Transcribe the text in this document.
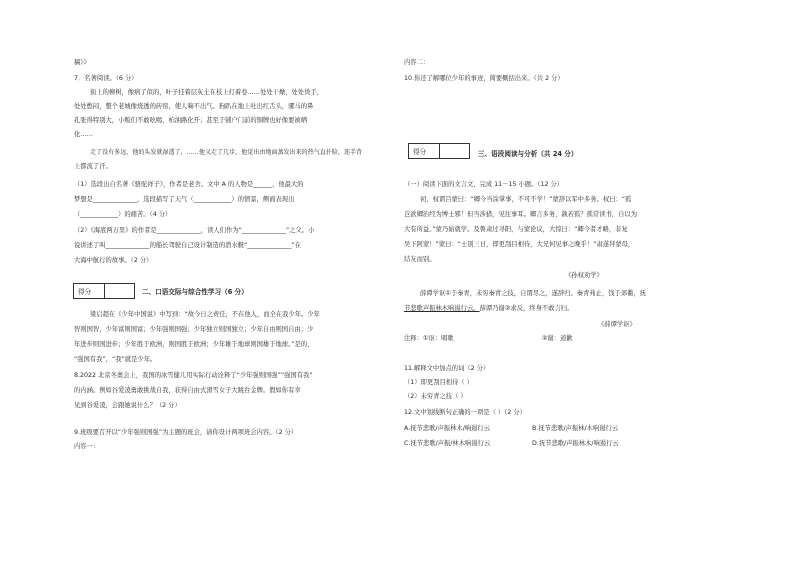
稿》》
7．名著阅读。（6 分）
街上的柳树，像病了似的，叶子挂着层灰土在枝上打着卷……处处干燥，处处烫手，
处处憋闷，整个老城像烧透的砖窑，使人喘不出气。狗趴在地上吐出红舌头，骡马的鼻
孔张得特别大，小贩们不敢吆喝，柏油路化开；甚至于铺户门前的铜牌也好像要被晒
化……
走了没有多远，他的头发就湿透了，……他又走了几步，他觉出由地面蒸发出来的热气直扑脸，连手背
上都流了汗。
（1）选段出自名著《骆驼祥子》，作者是老舍。文中 A 的人物是______，他最大的
梦想是______________，选段描写了天气（____________）的情景，侧面表现出
（____________）的痛苦。（4 分）
（2）《海底两万里》的作者是______________，读人们作为“______________”之父。小
说讲述了叫______________的船长驾驶自己设计制造的潜水艇“______________”在
大海中航行的故事。（2 分）
得分	二、口语交际与综合性学习（6 分）
梁启超在《少年中国说》中写到：“故今日之责任，不在他人，而全在我少年。少年
智则国智，少年富则国富；少年强则国强；少年独立则国独立；少年自由则国自由；少
年进步则国进步；少年胜于欧洲，则国胜于欧洲；少年雄于地球则国雄于地球。”是的，
“强国有我”，“我”就是少年。
8.2022 北京冬奥会上，我国的冰雪健儿用实际行动诠释了“少年强则国强”“强国有我”
的内涵。例如谷爱凌勇敢挑战自我，获得自由式滑雪女子大跳台金牌。假如你有幸
见到谷爱凌，会跟她说什么？（2 分）
9.班级要召开以“少年强则国强”为主题的班会，请你设计两项班会内容。（2 分）
内容一：
内容二：
10.你还了解哪位少年的事迹，简要概括出来。（共 2 分）
得分	三、语段阅读与分析（共 24 分）
（一）阅读下面的文言文，完成 11－15 小题。（12 分）
初，权谓吕蒙曰：“卿今当涂掌事，不可不学！”蒙辞以军中多务。权曰：“孤
岂欲卿治经为博士邪！但当涉猎，见往事耳。卿言多务，孰若孤？孤常读书，自以为
大有所益。”蒙乃始就学。及鲁肃过寻阳，与蒙论议，大惊曰：“卿今者才略，非复
吴下阿蒙！”蒙曰：“士别三日，即更刮目相待，大兄何见事之晚乎！”肃遂拜蒙母，
结友而别。
《孙权劝学》
薛谭学讴①于秦青，未穷秦青之技，自谓尽之，遂辞归。秦青弗止，饯于郊衢，抚
节悲歌声振林木响遏行云。薛谭乃谢②求反，终身不敢言归。
《薛谭学讴》
注释：①讴：唱歌	②谢：道歉
11.解释文中加点的词（2 分）
（1）即更刮目相待（ ）
（2）未穷青之技（ ）
12.文中划线断句正确的一项是（ ）（2 分）
A.抚节悲歌/声振林木/响遏行云	B.抚节悲歌/声振林/木响遏行云
C.抚节悲歌/声振/林木响遏行云	D.抚节悲歌/声振林木/响遏行云
